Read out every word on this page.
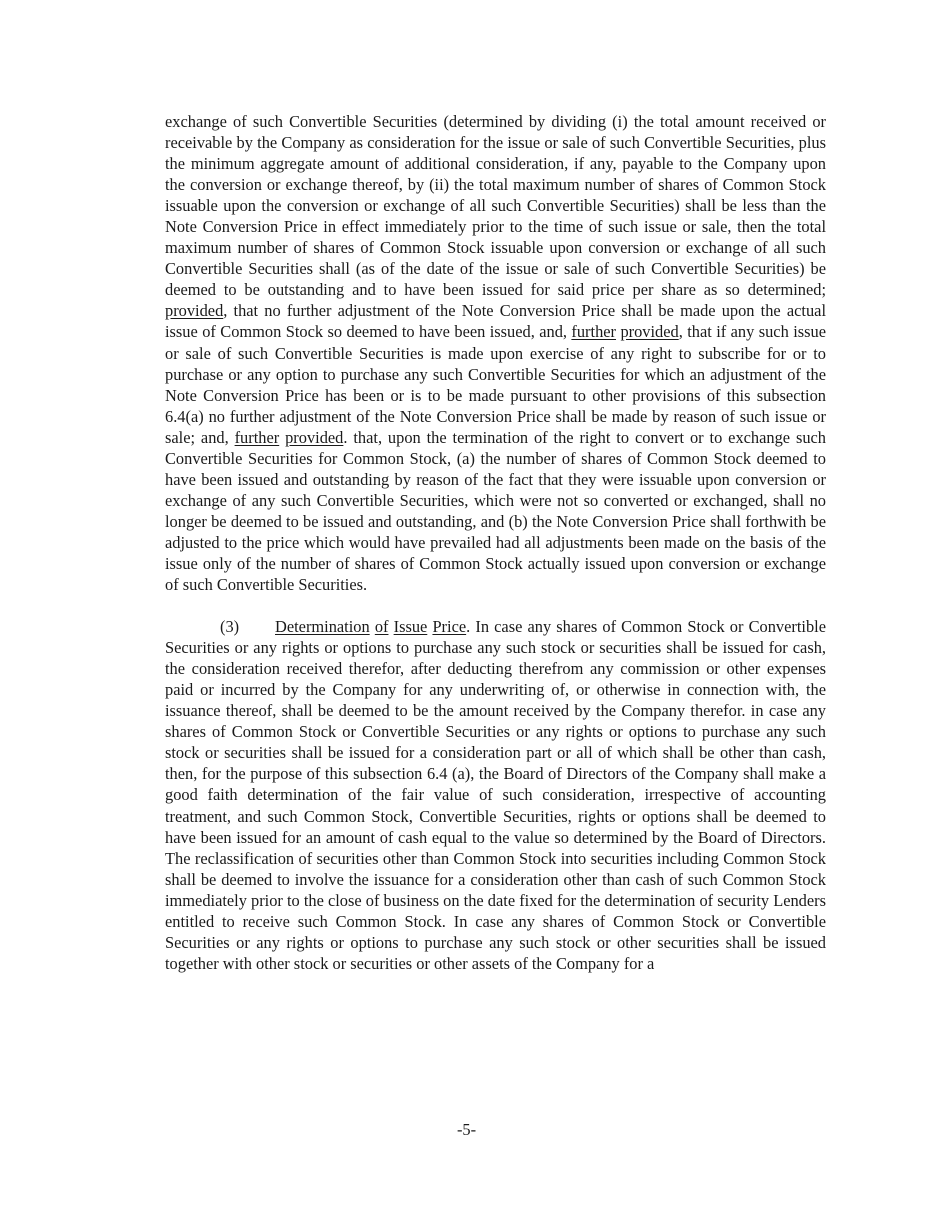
exchange of such Convertible Securities (determined by dividing (i) the total amount received or receivable by the Company as consideration for the issue or sale of such Convertible Securities, plus the minimum aggregate amount of additional consideration, if any, payable to the Company upon the conversion or exchange thereof, by (ii) the total maximum number of shares of Common Stock issuable upon the conversion or exchange of all such Convertible Securities) shall be less than the Note Conversion Price in effect immediately prior to the time of such issue or sale, then the total maximum number of shares of Common Stock issuable upon conversion or exchange of all such Convertible Securities shall (as of the date of the issue or sale of such Convertible Securities) be deemed to be outstanding and to have been issued for said price per share as so determined; provided, that no further adjustment of the Note Conversion Price shall be made upon the actual issue of Common Stock so deemed to have been issued, and, further provided, that if any such issue or sale of such Convertible Securities is made upon exercise of any right to subscribe for or to purchase or any option to purchase any such Convertible Securities for which an adjustment of the Note Conversion Price has been or is to be made pursuant to other provisions of this subsection 6.4(a) no further adjustment of the Note Conversion Price shall be made by reason of such issue or sale; and, further provided. that, upon the termination of the right to convert or to exchange such Convertible Securities for Common Stock, (a) the number of shares of Common Stock deemed to have been issued and outstanding by reason of the fact that they were issuable upon conversion or exchange of any such Convertible Securities, which were not so converted or exchanged, shall no longer be deemed to be issued and outstanding, and (b) the Note Conversion Price shall forthwith be adjusted to the price which would have prevailed had all adjustments been made on the basis of the issue only of the number of shares of Common Stock actually issued upon conversion or exchange of such Convertible Securities.

(3) Determination of Issue Price. In case any shares of Common Stock or Convertible Securities or any rights or options to purchase any such stock or securities shall be issued for cash, the consideration received therefor, after deducting therefrom any commission or other expenses paid or incurred by the Company for any underwriting of, or otherwise in connection with, the issuance thereof, shall be deemed to be the amount received by the Company therefor. in case any shares of Common Stock or Convertible Securities or any rights or options to purchase any such stock or securities shall be issued for a consideration part or all of which shall be other than cash, then, for the purpose of this subsection 6.4 (a), the Board of Directors of the Company shall make a good faith determination of the fair value of such consideration, irrespective of accounting treatment, and such Common Stock, Convertible Securities, rights or options shall be deemed to have been issued for an amount of cash equal to the value so determined by the Board of Directors. The reclassification of securities other than Common Stock into securities including Common Stock shall be deemed to involve the issuance for a consideration other than cash of such Common Stock immediately prior to the close of business on the date fixed for the determination of security Lenders entitled to receive such Common Stock. In case any shares of Common Stock or Convertible Securities or any rights or options to purchase any such stock or other securities shall be issued together with other stock or securities or other assets of the Company for a

-5-
